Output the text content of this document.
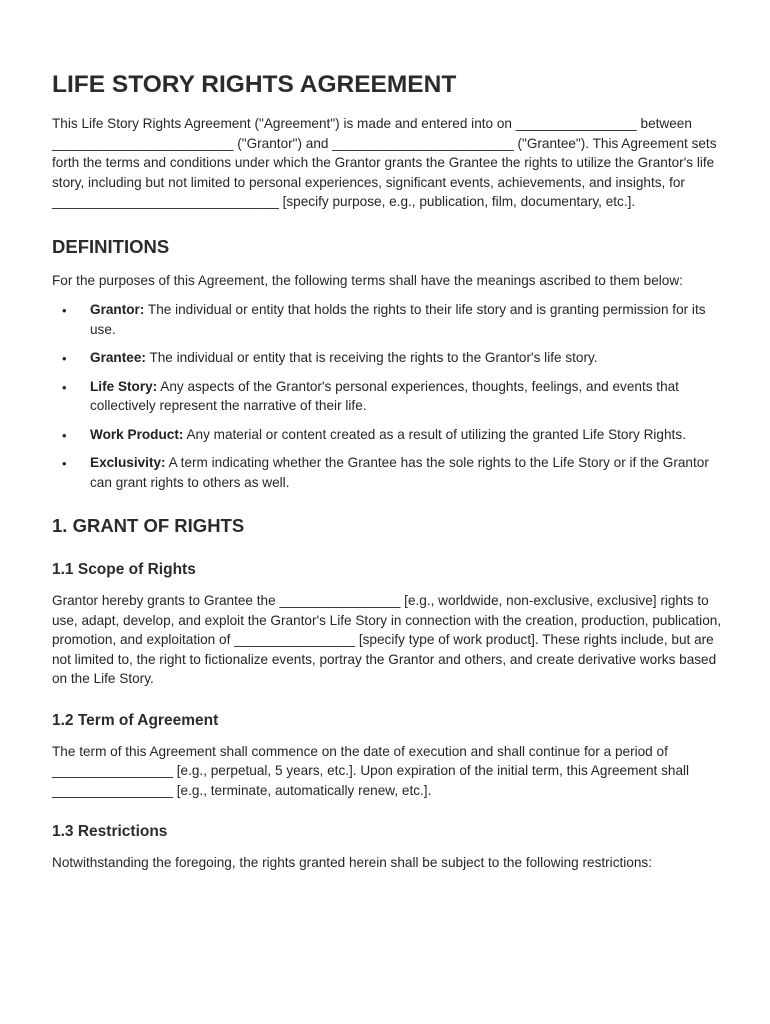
LIFE STORY RIGHTS AGREEMENT

This Life Story Rights Agreement ("Agreement") is made and entered into on ________________ between ________________________ ("Grantor") and ________________________ ("Grantee"). This Agreement sets forth the terms and conditions under which the Grantor grants the Grantee the rights to utilize the Grantor's life story, including but not limited to personal experiences, significant events, achievements, and insights, for ______________________________ [specify purpose, e.g., publication, film, documentary, etc.].

DEFINITIONS

For the purposes of this Agreement, the following terms shall have the meanings ascribed to them below:

• Grantor: The individual or entity that holds the rights to their life story and is granting permission for its use.
• Grantee: The individual or entity that is receiving the rights to the Grantor's life story.
• Life Story: Any aspects of the Grantor's personal experiences, thoughts, feelings, and events that collectively represent the narrative of their life.
• Work Product: Any material or content created as a result of utilizing the granted Life Story Rights.
• Exclusivity: A term indicating whether the Grantee has the sole rights to the Life Story or if the Grantor can grant rights to others as well.
1. GRANT OF RIGHTS
1.1 Scope of Rights

Grantor hereby grants to Grantee the ________________ [e.g., worldwide, non-exclusive, exclusive] rights to use, adapt, develop, and exploit the Grantor's Life Story in connection with the creation, production, publication, promotion, and exploitation of ________________ [specify type of work product]. These rights include, but are not limited to, the right to fictionalize events, portray the Grantor and others, and create derivative works based on the Life Story.

1.2 Term of Agreement

The term of this Agreement shall commence on the date of execution and shall continue for a period of ________________ [e.g., perpetual, 5 years, etc.]. Upon expiration of the initial term, this Agreement shall ________________ [e.g., terminate, automatically renew, etc.].

1.3 Restrictions

Notwithstanding the foregoing, the rights granted herein shall be subject to the following restrictions:
